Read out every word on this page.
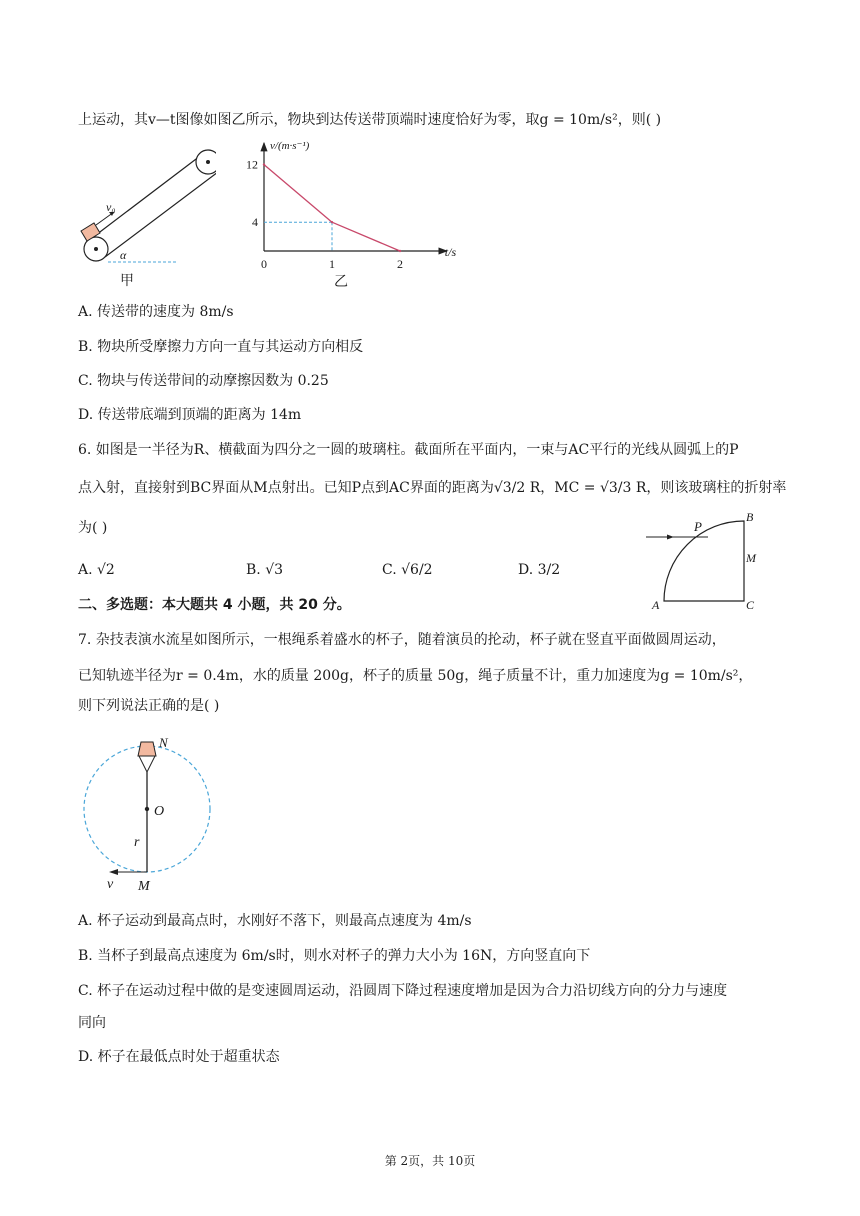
上运动，其v—t图像如图乙所示，物块到达传送带顶端时速度恰好为零，取g = 10m/s²，则( )
v₀
α
甲
v/(m·s⁻¹)
t/s
12
4
0	1	2
乙
A. 传送带的速度为 8m/s
B. 物块所受摩擦力方向一直与其运动方向相反
C. 物块与传送带间的动摩擦因数为 0.25
D. 传送带底端到顶端的距离为 14m
6. 如图是一半径为R、横截面为四分之一圆的玻璃柱。截面所在平面内，一束与AC平行的光线从圆弧上的P
点入射，直接射到BC界面从M点射出。已知P点到AC界面的距离为√3/2 R，MC = √3/3 R，则该玻璃柱的折射率
为( )
A. √2	B. √3	C. √6/2	D. 3/2
P
B
M
A	C
二、多选题：本大题共 4 小题，共 20 分。
7. 杂技表演水流星如图所示，一根绳系着盛水的杯子，随着演员的抡动，杯子就在竖直平面做圆周运动，
已知轨迹半径为r = 0.4m，水的质量 200g，杯子的质量 50g，绳子质量不计，重力加速度为g = 10m/s²，
则下列说法正确的是( )
N
O
r
v M
A. 杯子运动到最高点时，水刚好不落下，则最高点速度为 4m/s
B. 当杯子到最高点速度为 6m/s时，则水对杯子的弹力大小为 16N，方向竖直向下
C. 杯子在运动过程中做的是变速圆周运动，沿圆周下降过程速度增加是因为合力沿切线方向的分力与速度
同向
D. 杯子在最低点时处于超重状态
第 2页，共 10页
